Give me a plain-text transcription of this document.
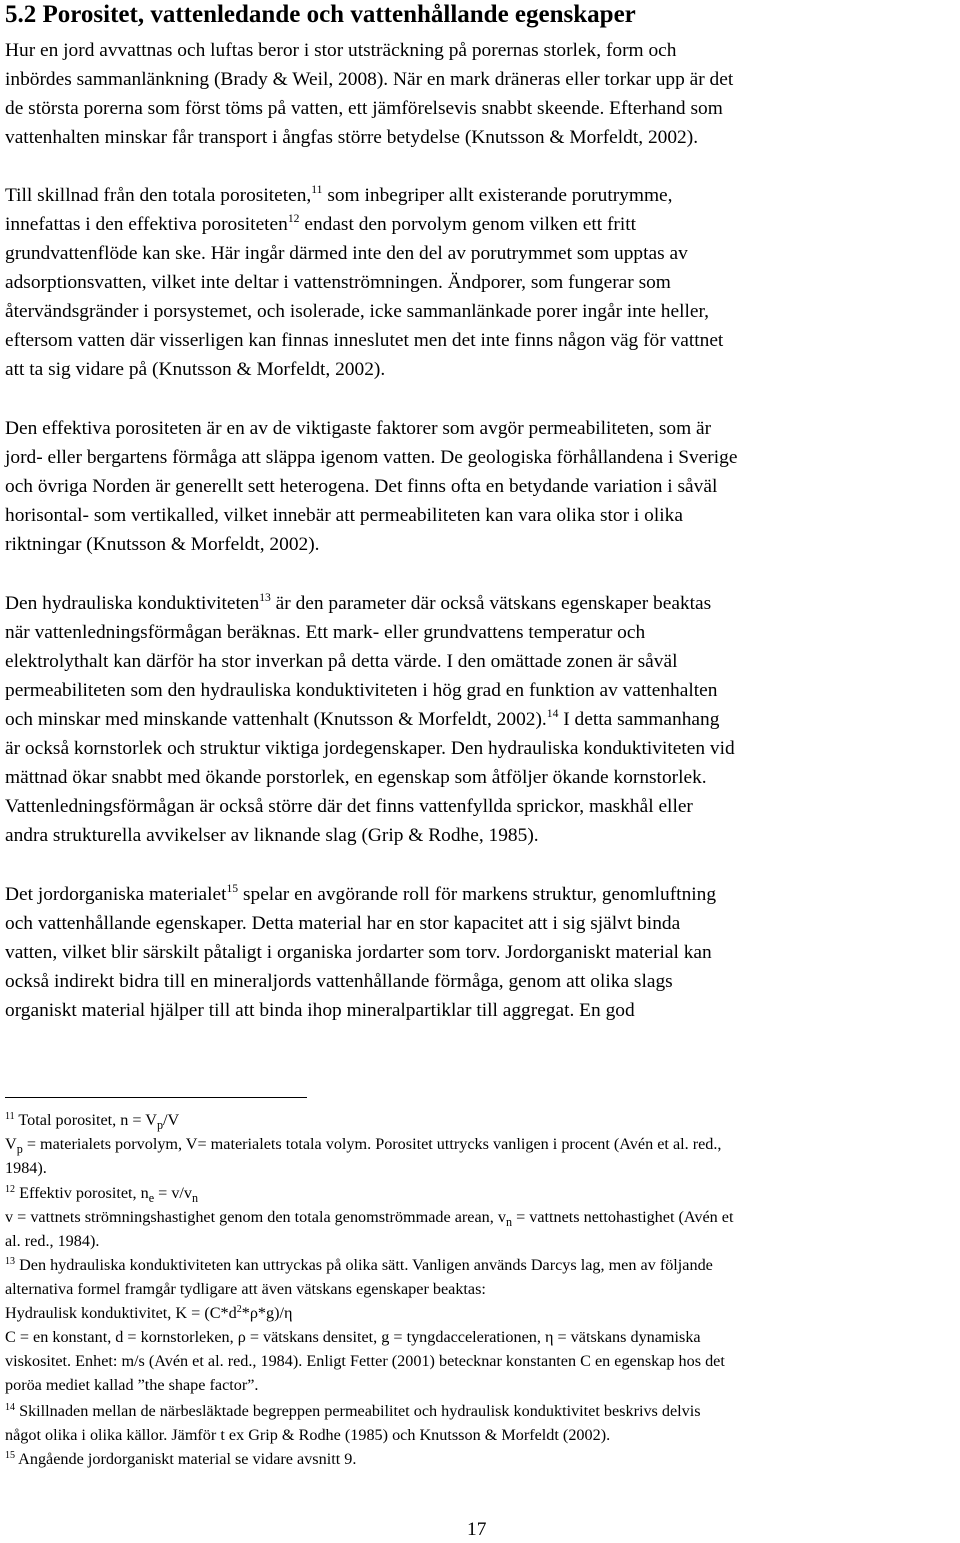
5.2 Porositet, vattenledande och vattenhållande egenskaper

Hur en jord avvattnas och luftas beror i stor utsträckning på porernas storlek, form och
inbördes sammanlänkning (Brady & Weil, 2008). När en mark dräneras eller torkar upp är det
de största porerna som först töms på vatten, ett jämförelsevis snabbt skeende. Efterhand som
vattenhalten minskar får transport i ångfas större betydelse (Knutsson & Morfeldt, 2002).

Till skillnad från den totala porositeten,$^{11}$ som inbegriper allt existerande porutrymme,
innefattas i den effektiva porositeten$^{12}$ endast den porvolym genom vilken ett fritt
grundvattenflöde kan ske. Här ingår därmed inte den del av porutrymmet som upptas av
adsorptionsvatten, vilket inte deltar i vattenströmningen. Ändporer, som fungerar som
återvändsgränder i porsystemet, och isolerade, icke sammanlänkade porer ingår inte heller,
eftersom vatten där visserligen kan finnas inneslutet men det inte finns någon väg för vattnet
att ta sig vidare på (Knutsson & Morfeldt, 2002).

Den effektiva porositeten är en av de viktigaste faktorer som avgör permeabiliteten, som är
jord- eller bergartens förmåga att släppa igenom vatten. De geologiska förhållandena i Sverige
och övriga Norden är generellt sett heterogena. Det finns ofta en betydande variation i såväl
horisontal- som vertikalled, vilket innebär att permeabiliteten kan vara olika stor i olika
riktningar (Knutsson & Morfeldt, 2002).

Den hydrauliska konduktiviteten$^{13}$ är den parameter där också vätskans egenskaper beaktas
när vattenledningsförmågan beräknas. Ett mark- eller grundvattens temperatur och
elektrolythalt kan därför ha stor inverkan på detta värde. I den omättade zonen är såväl
permeabiliteten som den hydrauliska konduktiviteten i hög grad en funktion av vattenhalten
och minskar med minskande vattenhalt (Knutsson & Morfeldt, 2002).$^{14}$ I detta sammanhang
är också kornstorlek och struktur viktiga jordegenskaper. Den hydrauliska konduktiviteten vid
mättnad ökar snabbt med ökande porstorlek, en egenskap som åtföljer ökande kornstorlek.
Vattenledningsförmågan är också större där det finns vattenfyllda sprickor, maskhål eller
andra strukturella avvikelser av liknande slag (Grip & Rodhe, 1985).

Det jordorganiska materialet$^{15}$ spelar en avgörande roll för markens struktur, genomluftning
och vattenhållande egenskaper. Detta material har en stor kapacitet att i sig självt binda
vatten, vilket blir särskilt påtaligt i organiska jordarter som torv. Jordorganiskt material kan
också indirekt bidra till en mineraljords vattenhållande förmåga, genom att olika slags
organiskt material hjälper till att binda ihop mineralpartiklar till aggregat. En god

$^{11}$ Total porositet, $n = V_p/V$
$V_p$ = materialets porvolym, V= materialets totala volym. Porositet uttrycks vanligen i procent (Avén et al. red.,
1984).
$^{12}$ Effektiv porositet, $n_e = v/v_n$
v = vattnets strömningshastighet genom den totala genomströmmade arean, $v_n$ = vattnets nettohastighet (Avén et
al. red., 1984).
$^{13}$ Den hydrauliska konduktiviteten kan uttryckas på olika sätt. Vanligen används Darcys lag, men av följande
alternativa formel framgår tydligare att även vätskans egenskaper beaktas:
Hydraulisk konduktivitet, K = (C*d$^2$*ρ*g)/η
C = en konstant, d = kornstorleken, ρ = vätskans densitet, g = tyngdaccelerationen, η = vätskans dynamiska
viskositet. Enhet: m/s (Avén et al. red., 1984). Enligt Fetter (2001) betecknar konstanten C en egenskap hos det
poröa mediet kallad ”the shape factor”.
$^{14}$ Skillnaden mellan de närbesläktade begreppen permeabilitet och hydraulisk konduktivitet beskrivs delvis
något olika i olika källor. Jämför t ex Grip & Rodhe (1985) och Knutsson & Morfeldt (2002).
$^{15}$ Angående jordorganiskt material se vidare avsnitt 9.
17
